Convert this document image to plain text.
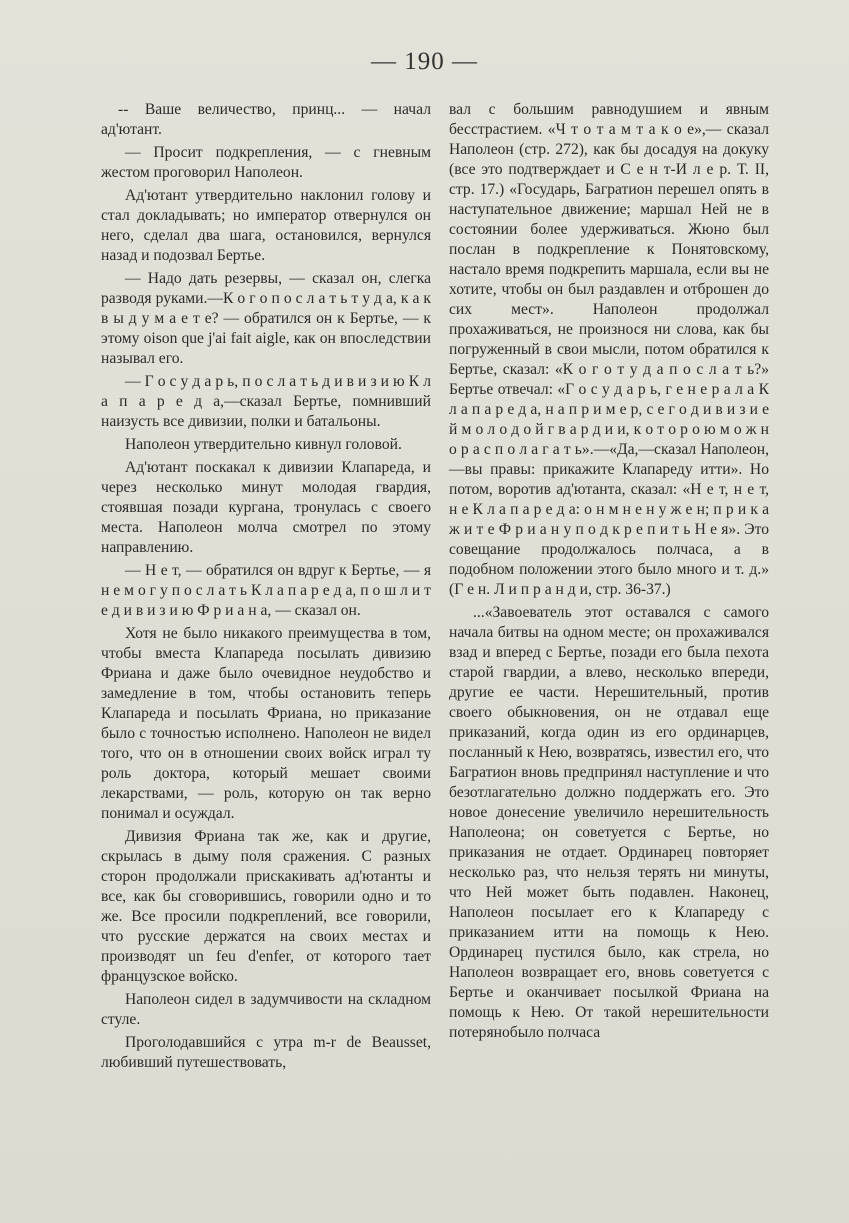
— 190 —

-- Ваше величество, принц... — начал ад'ютант.

— Просит подкрепления, — с гневным жестом проговорил Наполеон.

Ад'ютант утвердительно наклонил голову и стал докладывать; но император отвернулся он него, сделал два шага, остановился, вернулся назад и подозвал Бертье.

— Надо дать резервы, — сказал он, слегка разводя руками.—К о г о п о с л а т ь т у д а, к а к в ы д у м а е т е? — обратился он к Бертье, — к этому oison que j'ai fait aigle, как он впоследствии называл его.

— Г о с у д а р ь, п о с л а т ь д и в и з и ю К л а п а р е д а,—сказал Бертье, помнивший наизусть все дивизии, полки и батальоны.

Наполеон утвердительно кивнул головой.

Ад'ютант поскакал к дивизии Клапареда, и через несколько минут молодая гвардия, стоявшая позади кургана, тронулась с своего места. Наполеон молча смотрел по этому направлению.

— Н е т, — обратился он вдруг к Бертье, — я н е м о г у п о с л а т ь К л а п а р е д а, п о ш л и т е д и в и з и ю Ф р и а н а, — сказал он.

Хотя не было никакого преимущества в том, чтобы вместа Клапареда посылать дивизию Фриана и даже было очевидное неудобство и замедление в том, чтобы остановить теперь Клапареда и посылать Фриана, но приказание было с точностью исполнено. Наполеон не видел того, что он в отношении своих войск играл ту роль доктора, который мешает своими лекарствами, — роль, которую он так верно понимал и осуждал.

Дивизия Фриана так же, как и другие, скрылась в дыму поля сражения. С разных сторон продолжали прискакивать ад'ютанты и все, как бы сговорившись, говорили одно и то же. Все просили подкреплений, все говорили, что русские держатся на своих местах и производят un feu d'enfer, от которого тает французское войско.

Наполеон сидел в задумчивости на складном стуле.

Проголодавшийся с утра m-r de Beausset, любивший путешествовать,

вал с большим равнодушием и явным бесстрастием. «Ч т о т а м т а к о е»,— сказал Наполеон (стр. 272), как бы досадуя на докуку (все это подтверждает и С е н т-И л е р. Т. II, стр. 17.) «Государь, Багратион перешел опять в наступательное движение; маршал Ней не в состоянии более удерживаться. Жюно был послан в подкрепление к Понятовскому, настало время подкрепить маршала, если вы не хотите, чтобы он был раздавлен и отброшен до сих мест». Наполеон продолжал прохаживаться, не произнося ни слова, как бы погруженный в свои мысли, потом обратился к Бертье, сказал: «К о г о т у д а п о с л а т ь?» Бертье отвечал: «Г о с у д а р ь, г е н е р а л а К л а п а р е д а, н а п р и м е р, с е г о д и в и з и е й м о л о д о й г в а р д и и, к о т о р о ю м о ж н о р а с п о л а г а т ь».—«Да,—сказал Наполеон,—вы правы: прикажите Клапареду итти». Но потом, воротив ад'ютанта, сказал: «Н е т, н е т, н е К л а п а р е д а: о н м н е н у ж е н; п р и к а ж и т е Ф р и а н у п о д к р е п и т ь Н е я». Это совещание продолжалось полчаса, а в подобном положении этого было много и т. д.» (Г е н. Л и п р а н д и, стр. 36-37.)

...«Завоеватель этот оставался с самого начала битвы на одном месте; он прохаживался взад и вперед с Бертье, позади его была пехота старой гвардии, а влево, несколько впереди, другие ее части. Нерешительный, против своего обыкновения, он не отдавал еще приказаний, когда один из его ординарцев, посланный к Нею, возвратясь, известил его, что Багратион вновь предпринял наступление и что безотлагательно должно поддержать его. Это новое донесение увеличило нерешительность Наполеона; он советуется с Бертье, но приказания не отдает. Ординарец повторяет несколько раз, что нельзя терять ни минуты, что Ней может быть подавлен. Наконец, Наполеон посылает его к Клапареду с приказанием итти на помощь к Нею. Ординарец пустился было, как стрела, но Наполеон возвращает его, вновь советуется с Бертье и оканчивает посылкой Фриана на помощь к Нею. От такой нерешительности потерянобыло полчаса
